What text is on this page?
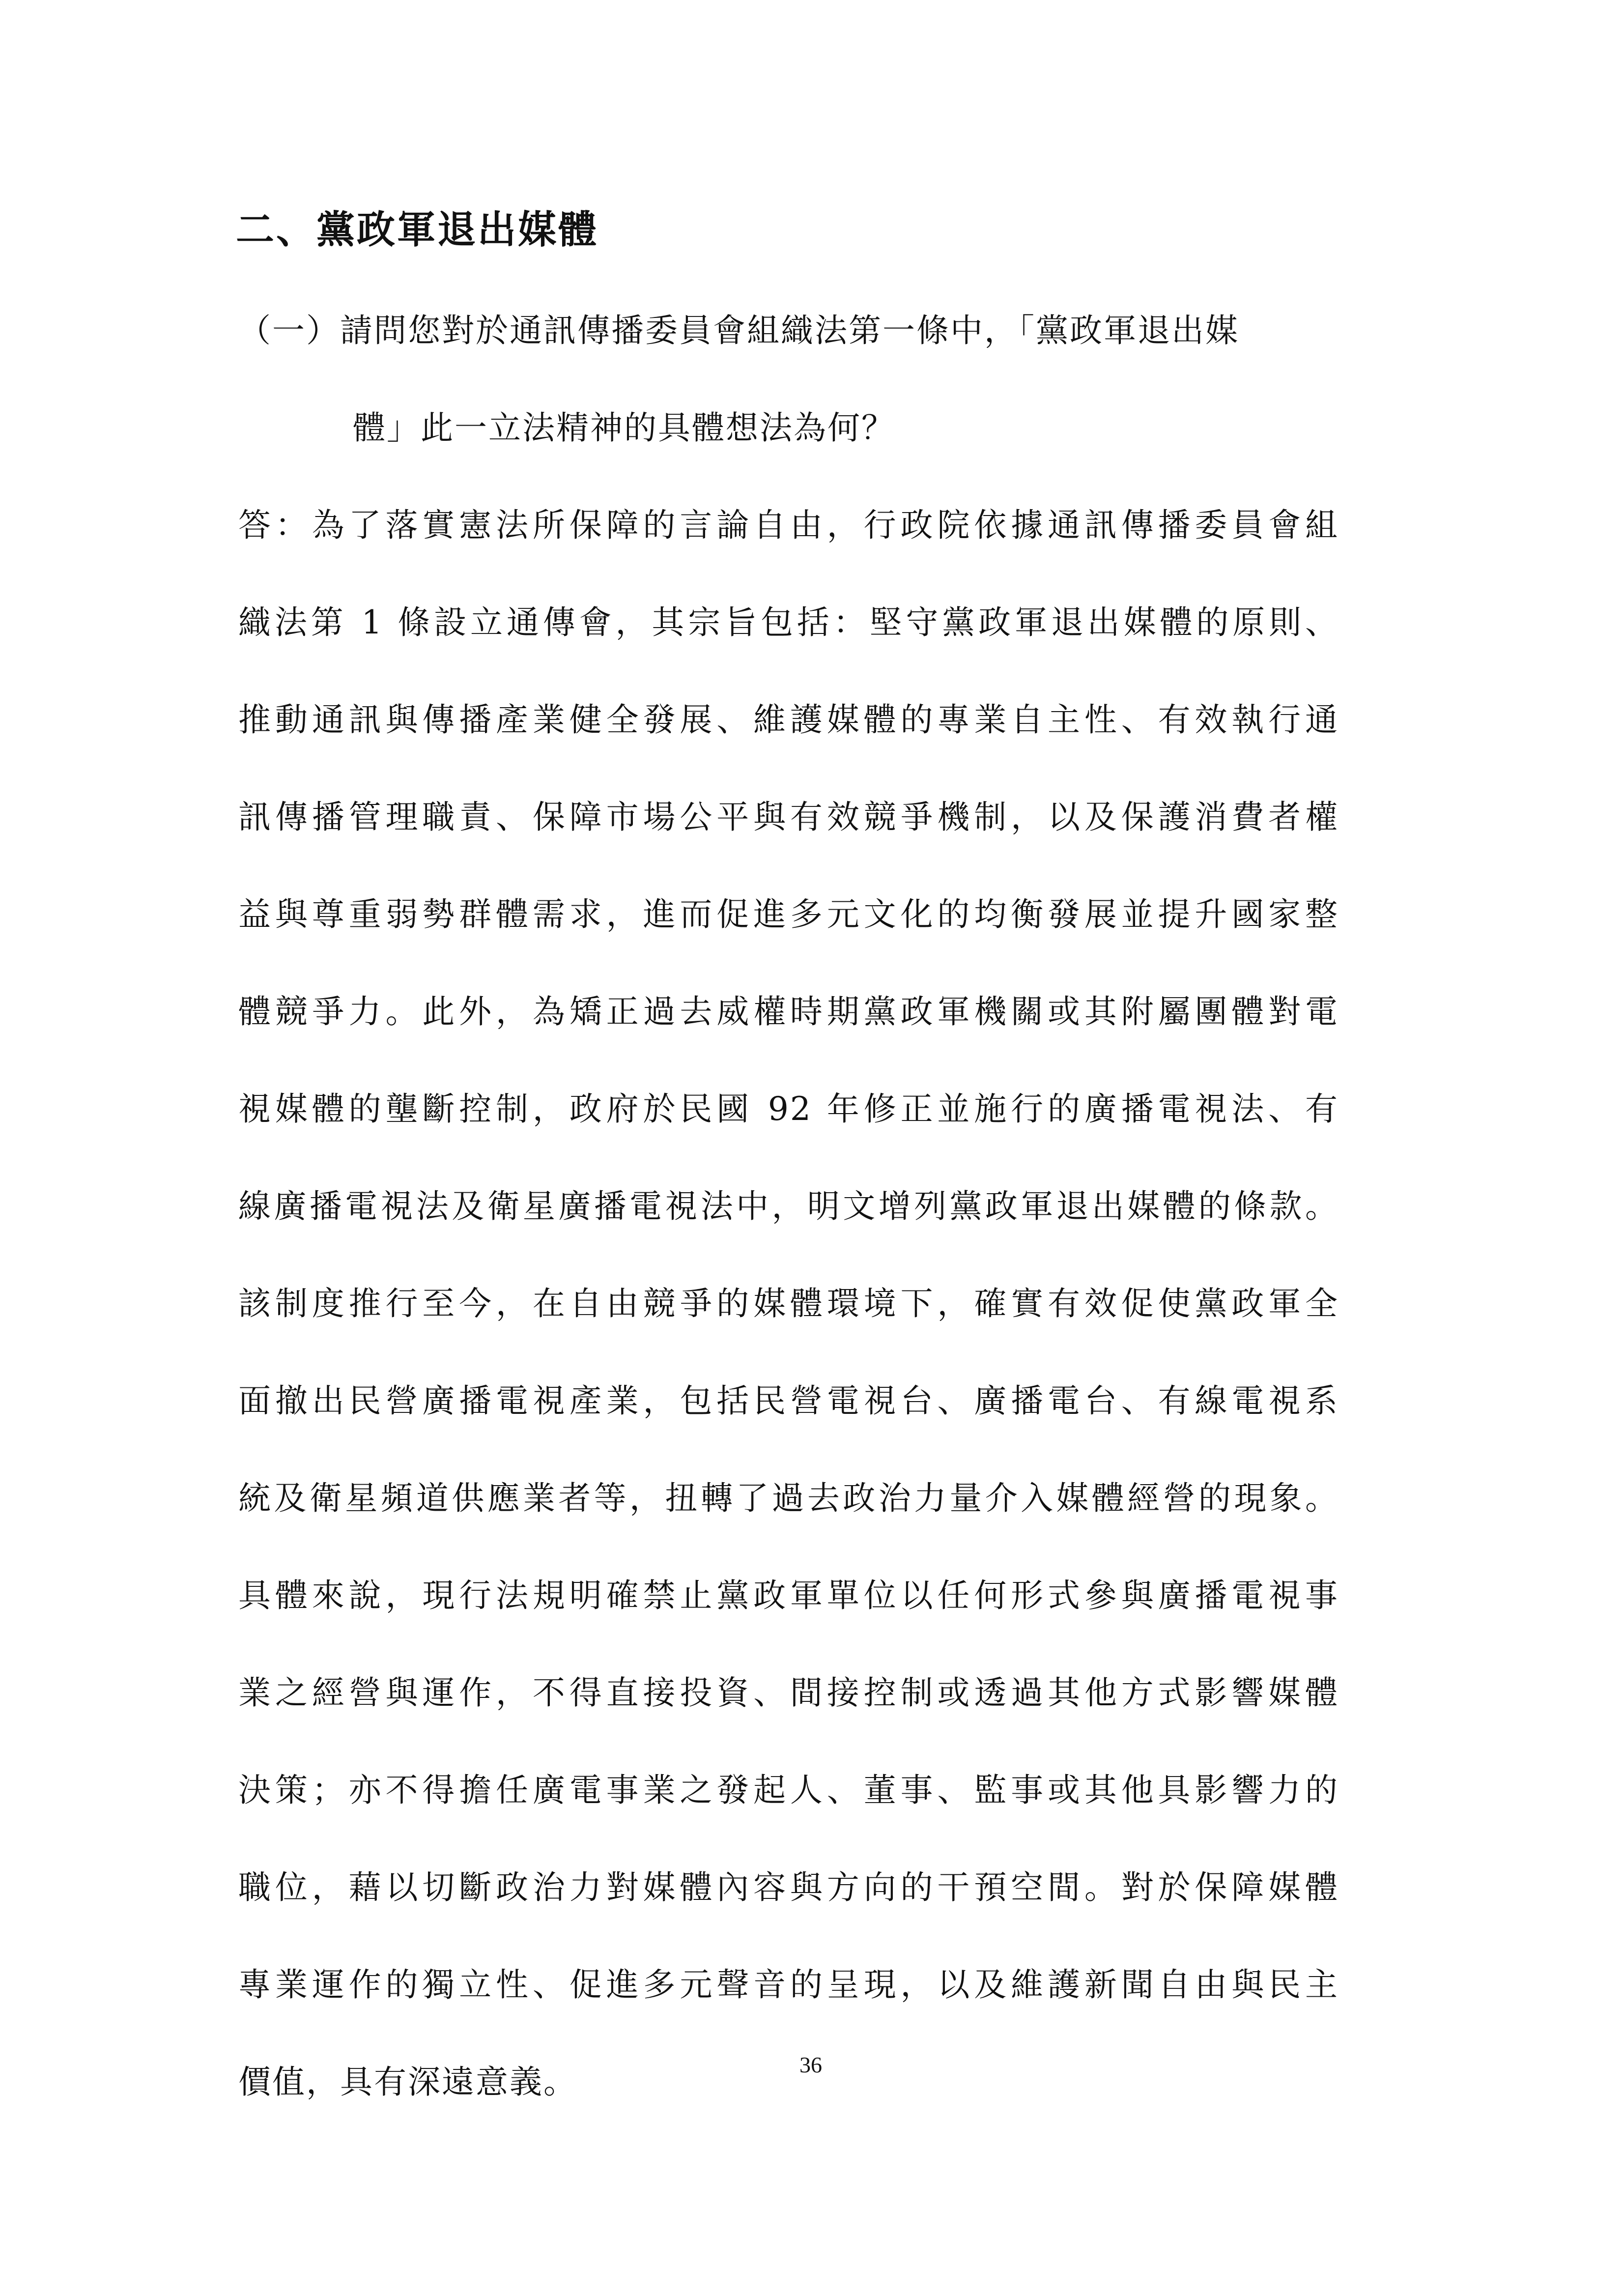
二、黨政軍退出媒體
（一）請問您對於通訊傳播委員會組織法第一條中，「黨政軍退出媒
體」此一立法精神的具體想法為何？
答：為了落實憲法所保障的言論自由，行政院依據通訊傳播委員會組
織法第 1 條設立通傳會，其宗旨包括：堅守黨政軍退出媒體的原則、
推動通訊與傳播產業健全發展、維護媒體的專業自主性、有效執行通
訊傳播管理職責、保障市場公平與有效競爭機制，以及保護消費者權
益與尊重弱勢群體需求，進而促進多元文化的均衡發展並提升國家整
體競爭力。此外，為矯正過去威權時期黨政軍機關或其附屬團體對電
視媒體的壟斷控制，政府於民國 92 年修正並施行的廣播電視法、有
線廣播電視法及衛星廣播電視法中，明文增列黨政軍退出媒體的條款。
該制度推行至今，在自由競爭的媒體環境下，確實有效促使黨政軍全
面撤出民營廣播電視產業，包括民營電視台、廣播電台、有線電視系
統及衛星頻道供應業者等，扭轉了過去政治力量介入媒體經營的現象。
具體來說，現行法規明確禁止黨政軍單位以任何形式參與廣播電視事
業之經營與運作，不得直接投資、間接控制或透過其他方式影響媒體
決策；亦不得擔任廣電事業之發起人、董事、監事或其他具影響力的
職位，藉以切斷政治力對媒體內容與方向的干預空間。對於保障媒體
專業運作的獨立性、促進多元聲音的呈現，以及維護新聞自由與民主
價值，具有深遠意義。	36
